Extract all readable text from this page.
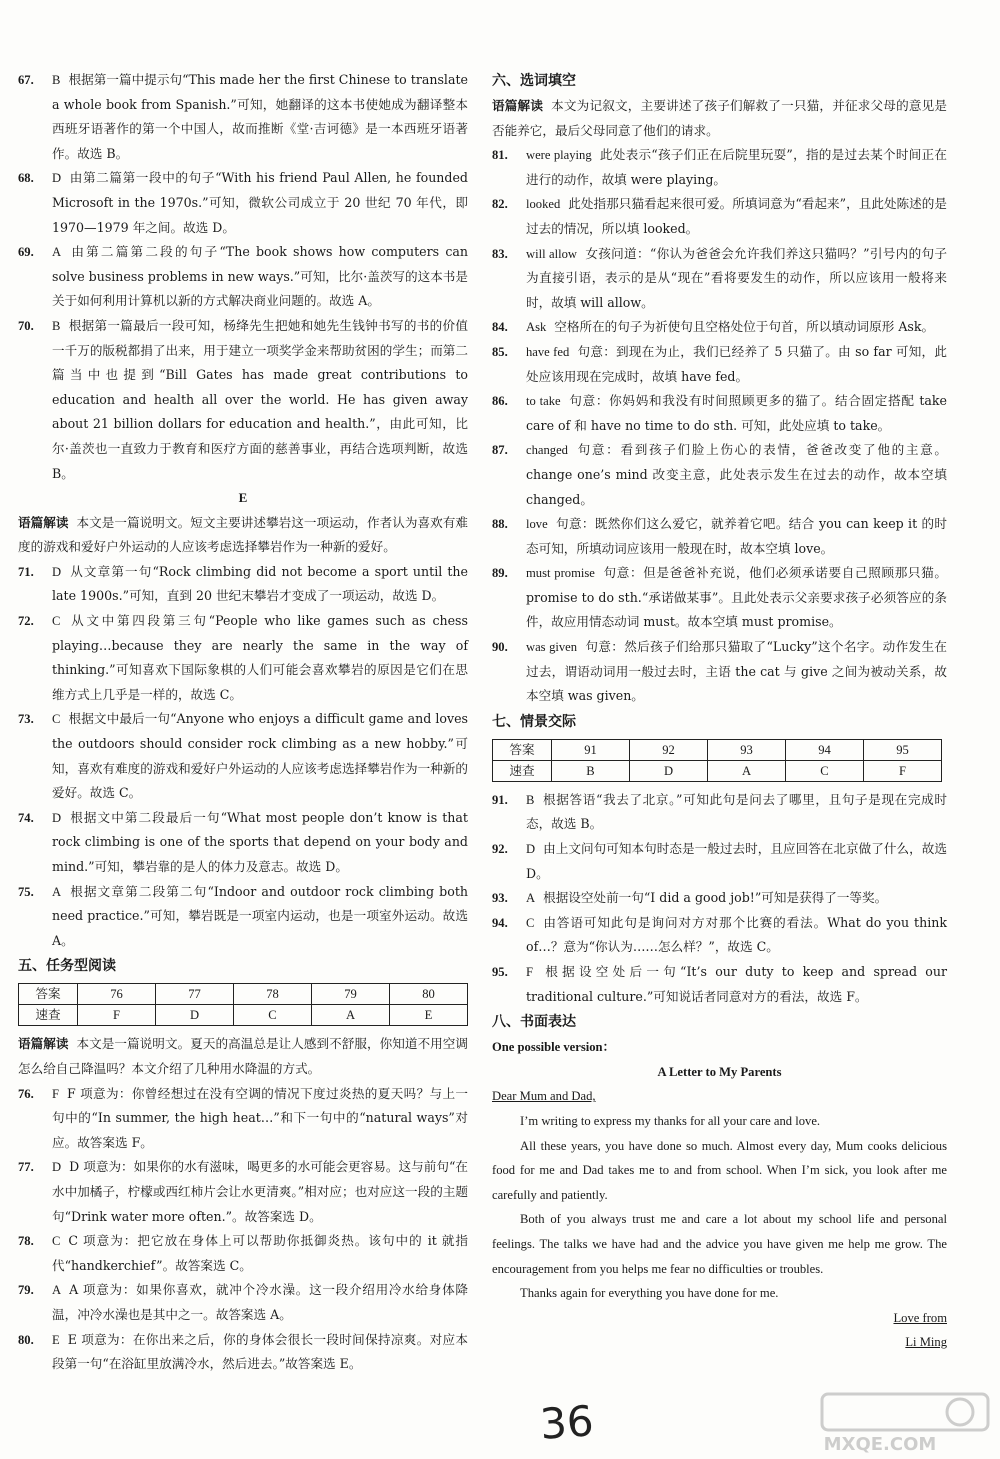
67. B 根据第一篇中提示句“This made her the first Chinese to translate a whole book from Spanish.”可知，她翻译的这本书使她成为翻译整本西班牙语著作的第一个中国人，故而推断《堂·吉诃德》是一本西班牙语著作。故选 B。
68. D 由第二篇第一段中的句子“With his friend Paul Allen, he founded Microsoft in the 1970s.”可知，微软公司成立于 20 世纪 70 年代，即 1970—1979 年之间。故选 D。
69. A 由第二篇第二段的句子“The book shows how computers can solve business problems in new ways.”可知，比尔·盖茨写的这本书是关于如何利用计算机以新的方式解决商业问题的。故选 A。
70. B 根据第一篇最后一段可知，杨绛先生把她和她先生钱钟书写的书的价值一千万的版税都捐了出来，用于建立一项奖学金来帮助贫困的学生；而第二篇当中也提到“Bill Gates has made great contributions to education and health all over the world. He has given away about 21 billion dollars for education and health.”，由此可知，比尔·盖茨也一直致力于教育和医疗方面的慈善事业，再结合选项判断，故选 B。
E
语篇解读 本文是一篇说明文。短文主要讲述攀岩这一项运动，作者认为喜欢有难度的游戏和爱好户外运动的人应该考虑选择攀岩作为一种新的爱好。
71. D 从文章第一句“Rock climbing did not become a sport until the late 1900s.”可知，直到 20 世纪末攀岩才变成了一项运动，故选 D。
72. C 从文中第四段第三句“People who like games such as chess playing…because they are nearly the same in the way of thinking.”可知喜欢下国际象棋的人们可能会喜欢攀岩的原因是它们在思维方式上几乎是一样的，故选 C。
73. C 根据文中最后一句“Anyone who enjoys a difficult game and loves the outdoors should consider rock climbing as a new hobby.”可知，喜欢有难度的游戏和爱好户外运动的人应该考虑选择攀岩作为一种新的爱好。故选 C。
74. D 根据文中第二段最后一句“What most people don’t know is that rock climbing is one of the sports that depend on your body and mind.”可知，攀岩靠的是人的体力及意志。故选 D。
75. A 根据文章第二段第二句“Indoor and outdoor rock climbing both need practice.”可知，攀岩既是一项室内运动，也是一项室外运动。故选 A。
五、任务型阅读
答案	76	77	78	79	80
速查	F	D	C	A	E
语篇解读 本文是一篇说明文。夏天的高温总是让人感到不舒服，你知道不用空调怎么给自己降温吗？本文介绍了几种用水降温的方式。
76. F F 项意为：你曾经想过在没有空调的情况下度过炎热的夏天吗？与上一句中的“In summer, the high heat…”和下一句中的“natural ways”对应。故答案选 F。
77. D D 项意为：如果你的水有滋味，喝更多的水可能会更容易。这与前句“在水中加橘子，柠檬或西红柿片会让水更清爽。”相对应；也对应这一段的主题句“Drink water more often.”。故答案选 D。
78. C C 项意为：把它放在身体上可以帮助你抵御炎热。该句中的 it 就指代“handkerchief”。故答案选 C。
79. A A 项意为：如果你喜欢，就冲个冷水澡。这一段介绍用冷水给身体降温，冲冷水澡也是其中之一。故答案选 A。
80. E E 项意为：在你出来之后，你的身体会很长一段时间保持凉爽。对应本段第一句“在浴缸里放满冷水，然后进去。”故答案选 E。
六、选词填空
语篇解读 本文为记叙文，主要讲述了孩子们解救了一只猫，并征求父母的意见是否能养它，最后父母同意了他们的请求。
81. were playing 此处表示“孩子们正在后院里玩耍”，指的是过去某个时间正在进行的动作，故填 were playing。
82. looked 此处指那只猫看起来很可爱。所填词意为“看起来”，且此处陈述的是过去的情况，所以填 looked。
83. will allow 女孩问道：“你认为爸爸会允许我们养这只猫吗？”引号内的句子为直接引语，表示的是从“现在”看将要发生的动作，所以应该用一般将来时，故填 will allow。
84. Ask 空格所在的句子为祈使句且空格处位于句首，所以填动词原形 Ask。
85. have fed 句意：到现在为止，我们已经养了 5 只猫了。由 so far 可知，此处应该用现在完成时，故填 have fed。
86. to take 句意：你妈妈和我没有时间照顾更多的猫了。结合固定搭配 take care of 和 have no time to do sth. 可知，此处应填 to take。
87. changed 句意：看到孩子们脸上伤心的表情，爸爸改变了他的主意。change one’s mind 改变主意，此处表示发生在过去的动作，故本空填 changed。
88. love 句意：既然你们这么爱它，就养着它吧。结合 you can keep it 的时态可知，所填动词应该用一般现在时，故本空填 love。
89. must promise 句意：但是爸爸补充说，他们必须承诺要自己照顾那只猫。promise to do sth.“承诺做某事”。且此处表示父亲要求孩子必须答应的条件，故应用情态动词 must。故本空填 must promise。
90. was given 句意：然后孩子们给那只猫取了“Lucky”这个名字。动作发生在过去，谓语动词用一般过去时，主语 the cat 与 give 之间为被动关系，故本空填 was given。
七、情景交际
答案	91	92	93	94	95
速查	B	D	A	C	F
91. B 根据答语“我去了北京。”可知此句是问去了哪里，且句子是现在完成时态，故选 B。
92. D 由上文问句可知本句时态是一般过去时，且应回答在北京做了什么，故选 D。
93. A 根据设空处前一句“I did a good job!”可知是获得了一等奖。
94. C 由答语可知此句是询问对方对那个比赛的看法。What do you think of…？意为“你认为……怎么样？”，故选 C。
95. F 根据设空处后一句“It’s our duty to keep and spread our traditional culture.”可知说话者同意对方的看法，故选 F。
八、书面表达
One possible version：
A Letter to My Parents
Dear Mum and Dad,
I’m writing to express my thanks for all your care and love.
All these years, you have done so much. Almost every day, Mum cooks delicious food for me and Dad takes me to and from school. When I’m sick, you look after me carefully and patiently.
Both of you always trust me and care a lot about my school life and personal feelings. The talks we have had and the advice you have given me help me grow. The encouragement from you helps me fear no difficulties or troubles.
Thanks again for everything you have done for me.
Love from
Li Ming
36	MXQE.COM
